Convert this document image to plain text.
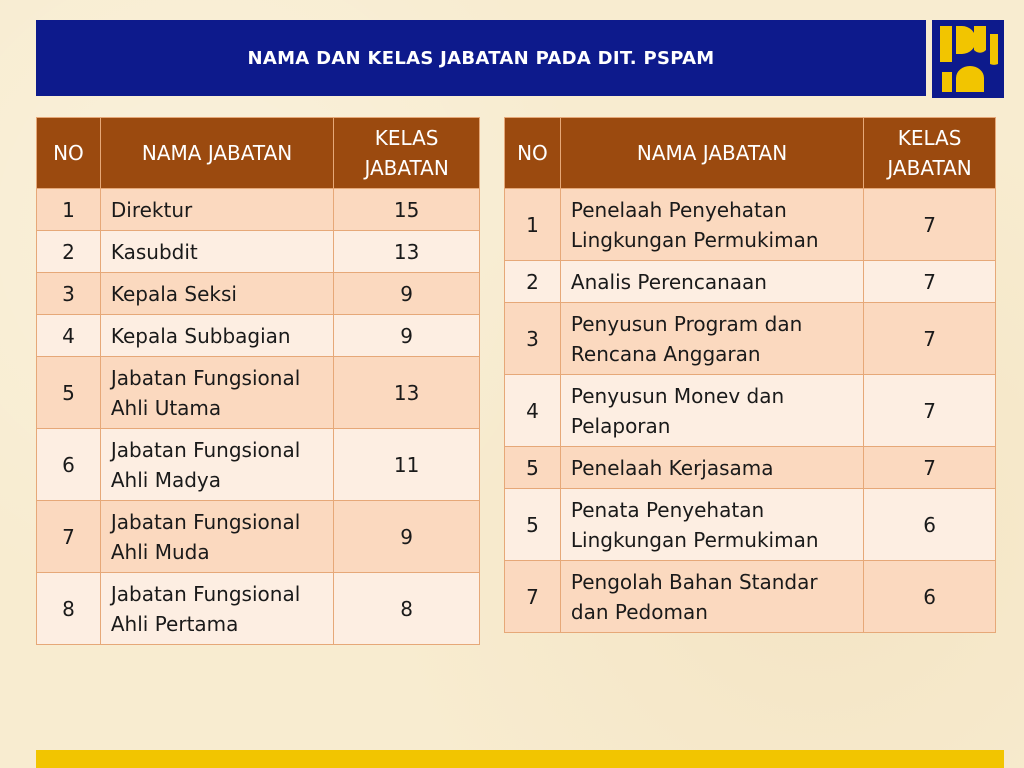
NAMA DAN KELAS JABATAN PADA DIT. PSPAM
NO	NAMA JABATAN	KELAS
JABATAN
1	Direktur	15
2	Kasubdit	13
3	Kepala Seksi	9
4	Kepala Subbagian	9
5	Jabatan Fungsional
Ahli Utama	13
6	Jabatan Fungsional
Ahli Madya	11
7	Jabatan Fungsional
Ahli Muda	9
8	Jabatan Fungsional
Ahli Pertama	8
NO	NAMA JABATAN	KELAS
JABATAN
1	Penelaah Penyehatan
Lingkungan Permukiman	7
2	Analis Perencanaan	7
3	Penyusun Program dan
Rencana Anggaran	7
4	Penyusun Monev dan
Pelaporan	7
5	Penelaah Kerjasama	7
5	Penata Penyehatan
Lingkungan Permukiman	6
7	Pengolah Bahan Standar
dan Pedoman	6
